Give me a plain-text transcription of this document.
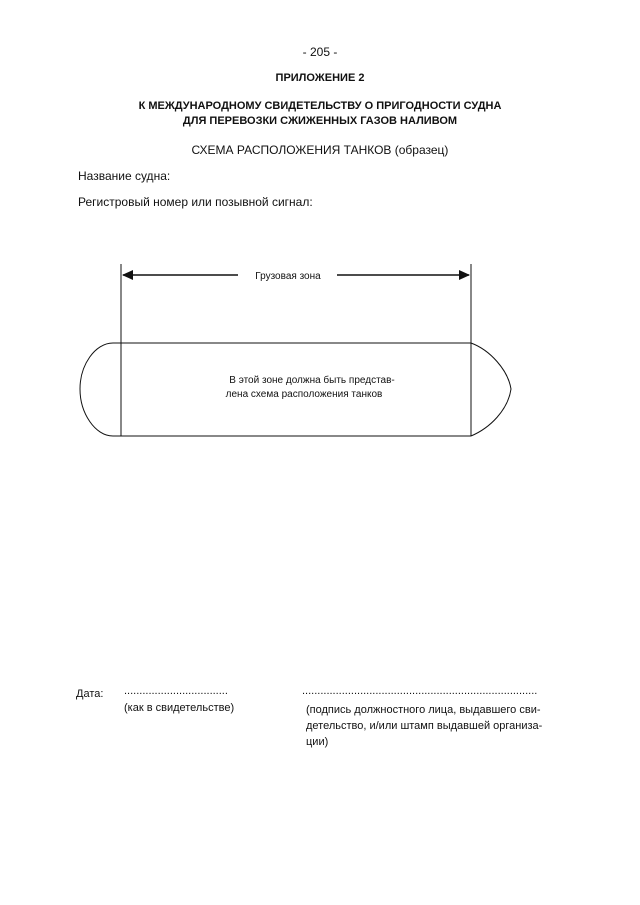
- 205 -
ПРИЛОЖЕНИЕ 2
К МЕЖДУНАРОДНОМУ СВИДЕТЕЛЬСТВУ О ПРИГОДНОСТИ СУДНА
ДЛЯ ПЕРЕВОЗКИ СЖИЖЕННЫХ ГАЗОВ НАЛИВОМ
СХЕМА РАСПОЛОЖЕНИЯ ТАНКОВ (образец)
Название судна:
Регистровый номер или позывной сигнал:
Грузовая зона
В этой зоне должна быть представ-
лена схема расположения танков
Дата: ..................................
(как в свидетельстве)
.............................................................................
(подпись должностного лица, выдавшего сви-
детельство, и/или штамп выдавшей организа-
ции)
